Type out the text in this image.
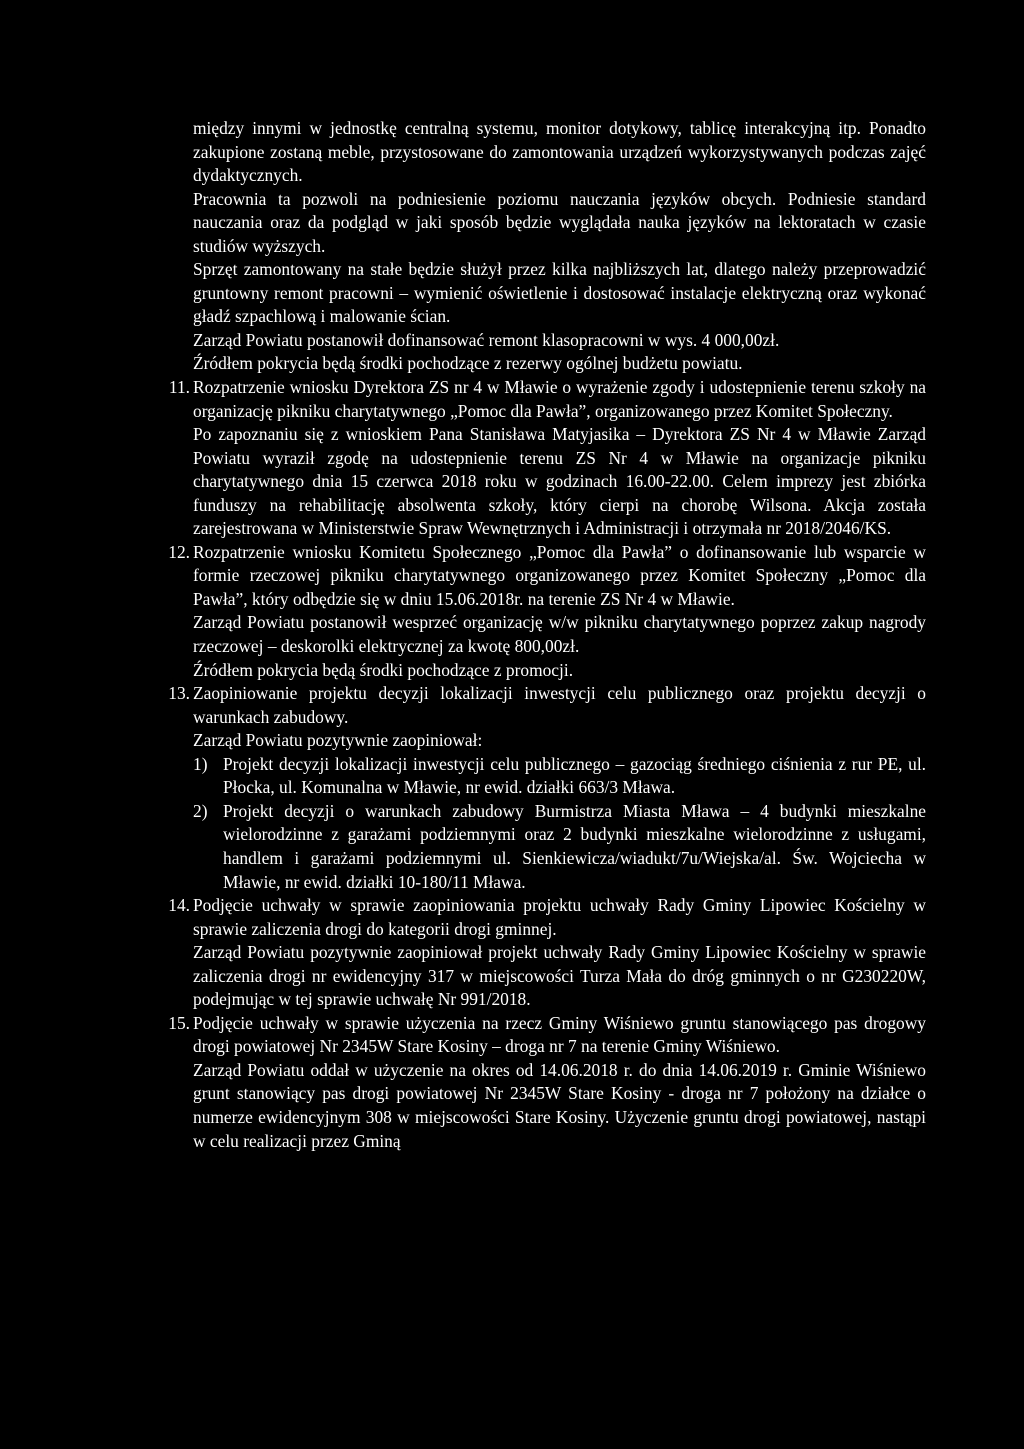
między innymi w jednostkę centralną systemu, monitor dotykowy, tablicę interakcyjną itp. Ponadto zakupione zostaną meble, przystosowane do zamontowania urządzeń wykorzystywanych podczas zajęć dydaktycznych.

Pracownia ta pozwoli na podniesienie poziomu nauczania języków obcych. Podniesie standard nauczania oraz da podgląd w jaki sposób będzie wyglądała nauka języków na lektoratach w czasie studiów wyższych.

Sprzęt zamontowany na stałe będzie służył przez kilka najbliższych lat, dlatego należy przeprowadzić gruntowny remont pracowni – wymienić oświetlenie i dostosować instalacje elektryczną oraz wykonać gładź szpachlową i malowanie ścian.

Zarząd Powiatu postanowił dofinansować remont klasopracowni w wys. 4 000,00zł.

Źródłem pokrycia będą środki pochodzące z rezerwy ogólnej budżetu powiatu.

11. Rozpatrzenie wniosku Dyrektora ZS nr 4 w Mławie o wyrażenie zgody i udostepnienie terenu szkoły na organizację pikniku charytatywnego „Pomoc dla Pawła”, organizowanego przez Komitet Społeczny.

Po zapoznaniu się z wnioskiem Pana Stanisława Matyjasika – Dyrektora ZS Nr 4 w Mławie Zarząd Powiatu wyraził zgodę na udostepnienie terenu ZS Nr 4 w Mławie na organizacje pikniku charytatywnego dnia 15 czerwca 2018 roku w godzinach 16.00-22.00. Celem imprezy jest zbiórka funduszy na rehabilitację absolwenta szkoły, który cierpi na chorobę Wilsona. Akcja została zarejestrowana w Ministerstwie Spraw Wewnętrznych i Administracji i otrzymała nr 2018/2046/KS.

12. Rozpatrzenie wniosku Komitetu Społecznego „Pomoc dla Pawła” o dofinansowanie lub wsparcie w formie rzeczowej pikniku charytatywnego organizowanego przez Komitet Społeczny „Pomoc dla Pawła”, który odbędzie się w dniu 15.06.2018r. na terenie ZS Nr 4 w Mławie.

Zarząd Powiatu postanowił wesprzeć organizację w/w pikniku charytatywnego poprzez zakup nagrody rzeczowej – deskorolki elektrycznej za kwotę 800,00zł.

Źródłem pokrycia będą środki pochodzące z promocji.

13. Zaopiniowanie projektu decyzji lokalizacji inwestycji celu publicznego oraz projektu decyzji o warunkach zabudowy.

Zarząd Powiatu pozytywnie zaopiniował:

1) Projekt decyzji lokalizacji inwestycji celu publicznego – gazociąg średniego ciśnienia z rur PE, ul. Płocka, ul. Komunalna w Mławie, nr ewid. działki 663/3 Mława.

2) Projekt decyzji o warunkach zabudowy Burmistrza Miasta Mława – 4 budynki mieszkalne wielorodzinne z garażami podziemnymi oraz 2 budynki mieszkalne wielorodzinne z usługami, handlem i garażami podziemnymi ul. Sienkiewicza/wiadukt/7u/Wiejska/al. Św. Wojciecha w Mławie, nr ewid. działki 10-180/11 Mława.

14. Podjęcie uchwały w sprawie zaopiniowania projektu uchwały Rady Gminy Lipowiec Kościelny w sprawie zaliczenia drogi do kategorii drogi gminnej.

Zarząd Powiatu pozytywnie zaopiniował projekt uchwały Rady Gminy Lipowiec Kościelny w sprawie zaliczenia drogi nr ewidencyjny 317 w miejscowości Turza Mała do dróg gminnych o nr G230220W, podejmując w tej sprawie uchwałę Nr 991/2018.

15. Podjęcie uchwały w sprawie użyczenia na rzecz Gminy Wiśniewo gruntu stanowiącego pas drogowy drogi powiatowej Nr 2345W Stare Kosiny – droga nr 7 na terenie Gminy Wiśniewo.

Zarząd Powiatu oddał w użyczenie na okres od 14.06.2018 r. do dnia 14.06.2019 r. Gminie Wiśniewo grunt stanowiący pas drogi powiatowej Nr 2345W Stare Kosiny - droga nr 7 położony na działce o numerze ewidencyjnym 308 w miejscowości Stare Kosiny. Użyczenie gruntu drogi powiatowej, nastąpi w celu realizacji przez Gminą
